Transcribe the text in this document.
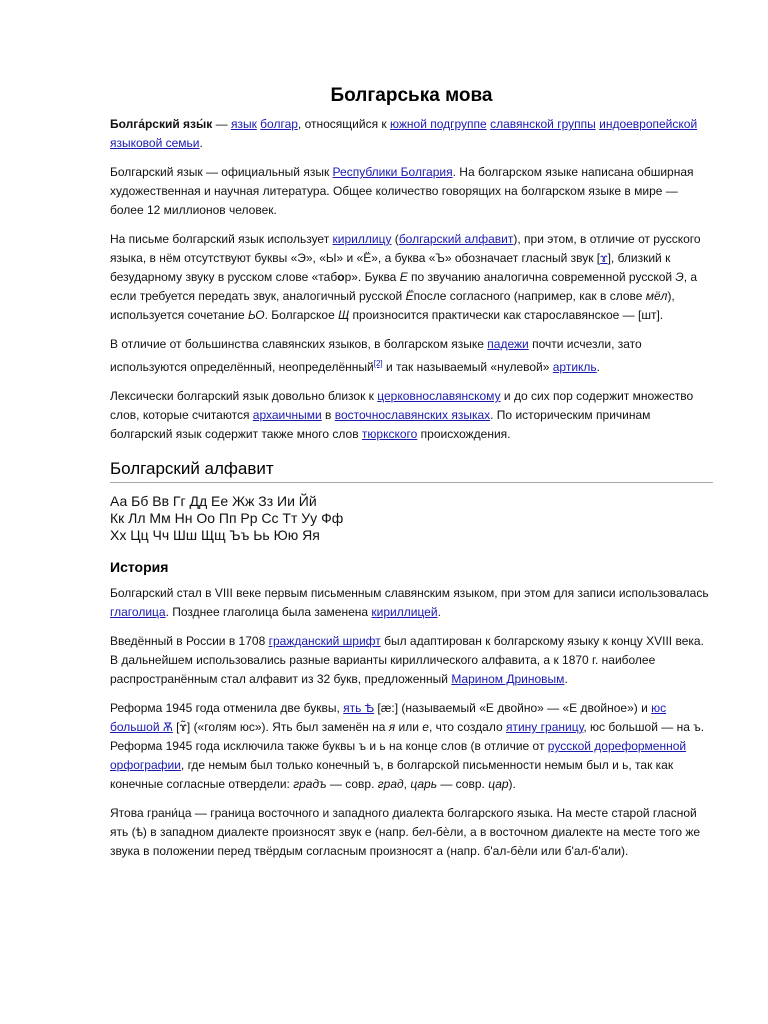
Болгарська мова

Болга́рский язы́к — язык болгар, относящийся к южной подгруппе славянской группы индоевропейской языковой семьи.

Болгарский язык — официальный язык Республики Болгария. На болгарском языке написана обширная художественная и научная литература. Общее количество говорящих на болгарском языке в мире — более 12 миллионов человек.

На письме болгарский язык использует кириллицу (болгарский алфавит), при этом, в отличие от русского языка, в нём отсутствуют буквы «Э», «Ы» и «Ё», а буква «Ъ» обозначает гласный звук [ɤ], близкий к безударному звуку в русском слове «табор». Буква Е по звучанию аналогична современной русской Э, а если требуется передать звук, аналогичный русской Ёпосле согласного (например, как в слове мёл), используется сочетание ЬО. Болгарское Щ произносится практически как старославянское — [шт].

В отличие от большинства славянских языков, в болгарском языке падежи почти исчезли, зато используются определённый, неопределённый[2] и так называемый «нулевой» артикль.

Лексически болгарский язык довольно близок к церковнославянскому и до сих пор содержит множество слов, которые считаются архаичными в восточнославянских языках. По историческим причинам болгарский язык содержит также много слов тюркского происхождения.

Болгарский алфавит
Аа Бб Вв Гг Дд Ее Жж Зз Ии Йй
Кк Лл Мм Нн Оо Пп Рр Сс Тт Уу Фф
Хх Цц Чч Шш Щщ Ъъ Ьь Юю Яя
История

Болгарский стал в VIII веке первым письменным славянским языком, при этом для записи использовалась глаголица. Позднее глаголица была заменена кириллицей.

Введённый в России в 1708 гражданский шрифт был адаптирован к болгарскому языку к концу XVIII века. В дальнейшем использовались разные варианты кириллического алфавита, а к 1870 г. наиболее распространённым стал алфавит из 32 букв, предложенный Марином Дриновым.

Реформа 1945 года отменила две буквы, ять Ѣ [æ:] (называемый «Е двойно» — «Е двойное») и юс большой Ѫ [ɤ̃] («голям юс»). Ять был заменён на я или е, что создало ятину границу, юс большой — на ъ. Реформа 1945 года исключила также буквы ъ и ь на конце слов (в отличие от русской дореформенной орфографии, где немым был только конечный ъ, в болгарской письменности немым был и ь, так как конечные согласные отвердели: градъ — совр. град, царь — совр. цар).

Ятова грани́ца — граница восточного и западного диалекта болгарского языка. На месте старой гласной ять (ѣ) в западном диалекте произносят звук е (напр. бел-бѐли, а в восточном диалекте на месте того же звука в положении перед твёрдым согласным произносят а (напр. б'ал-бѐли или б'ал-б'али).
